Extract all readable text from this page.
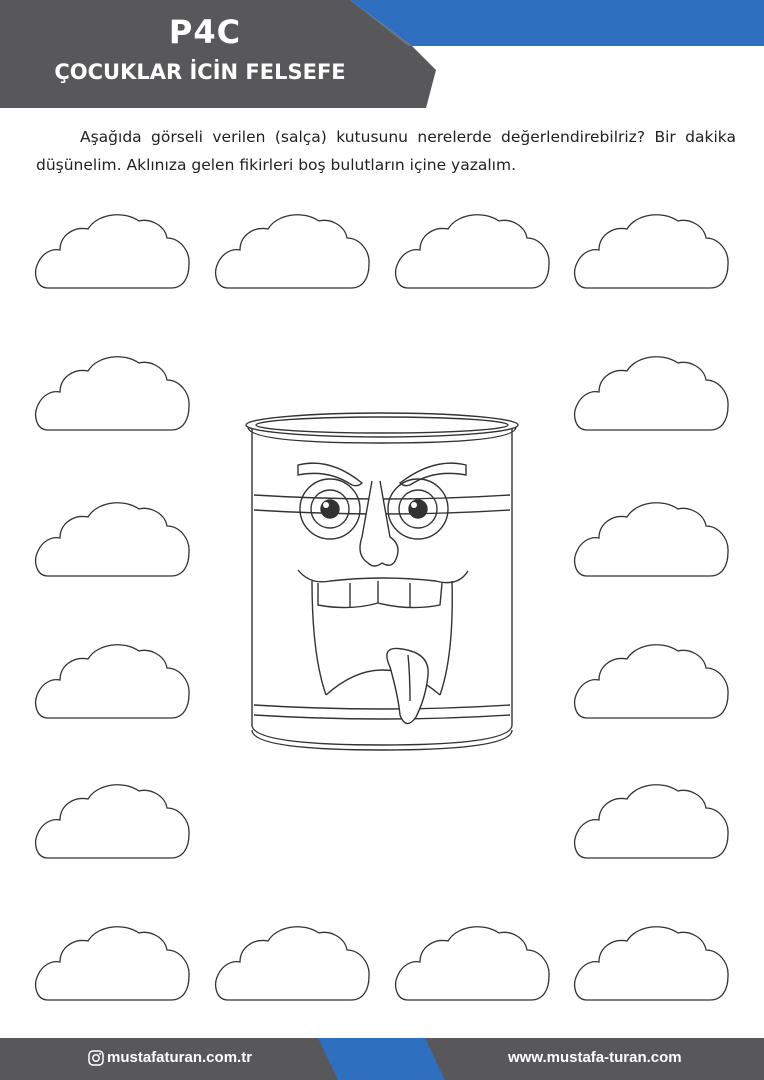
P4C
ÇOCUKLAR İCİN FELSEFE
Aşağıda görseli verilen (salça) kutusunu nerelerde değerlendirebilriz? Bir dakika düşünelim. Aklınıza gelen fikirleri boş bulutların içine yazalım.
mustafaturan.com.tr	www.mustafa-turan.com
